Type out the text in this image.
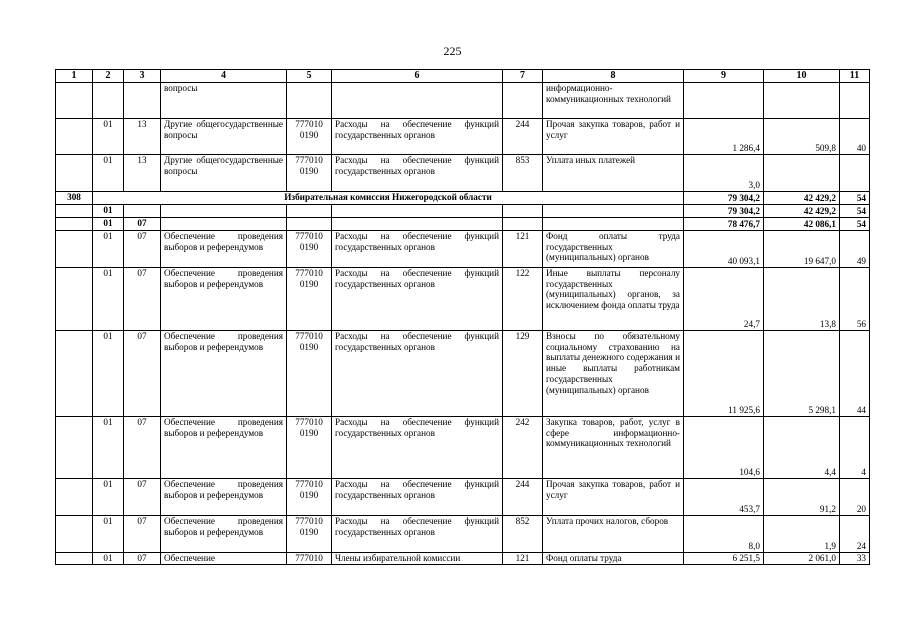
225
1	2	3	4	5	6	7	8	9	10	11
			вопросы				информационно-коммуникационных технологий			
	01	13	Другие общегосударственные вопросы	777010 0190	Расходы на обеспечение функций государственных органов	244	Прочая закупка товаров, работ и услуг	1 286,4	509,8	40
	01	13	Другие общегосударственные вопросы	777010 0190	Расходы на обеспечение функций государственных органов	853	Уплата иных платежей	3,0		
308	Избирательная комиссия Нижегородской области							79 304,2	42 429,2	54
	01							79 304,2	42 429,2	54
	01	07						78 476,7	42 086,1	54
	01	07	Обеспечение проведения выборов и референдумов	777010 0190	Расходы на обеспечение функций государственных органов	121	Фонд оплаты труда государственных (муниципальных) органов	40 093,1	19 647,0	49
	01	07	Обеспечение проведения выборов и референдумов	777010 0190	Расходы на обеспечение функций государственных органов	122	Иные выплаты персоналу государственных (муниципальных) органов, за исключением фонда оплаты труда	24,7	13,8	56
	01	07	Обеспечение проведения выборов и референдумов	777010 0190	Расходы на обеспечение функций государственных органов	129	Взносы по обязательному социальному страхованию на выплаты денежного содержания и иные выплаты работникам государственных (муниципальных) органов	11 925,6	5 298,1	44
	01	07	Обеспечение проведения выборов и референдумов	777010 0190	Расходы на обеспечение функций государственных органов	242	Закупка товаров, работ, услуг в сфере информационно-коммуникационных технологий	104,6	4,4	4
	01	07	Обеспечение проведения выборов и референдумов	777010 0190	Расходы на обеспечение функций государственных органов	244	Прочая закупка товаров, работ и услуг	453,7	91,2	20
	01	07	Обеспечение проведения выборов и референдумов	777010 0190	Расходы на обеспечение функций государственных органов	852	Уплата прочих налогов, сборов	8,0	1,9	24
	01	07	Обеспечение	777010	Члены избирательной комиссии	121	Фонд оплаты труда	6 251,5	2 061,0	33
